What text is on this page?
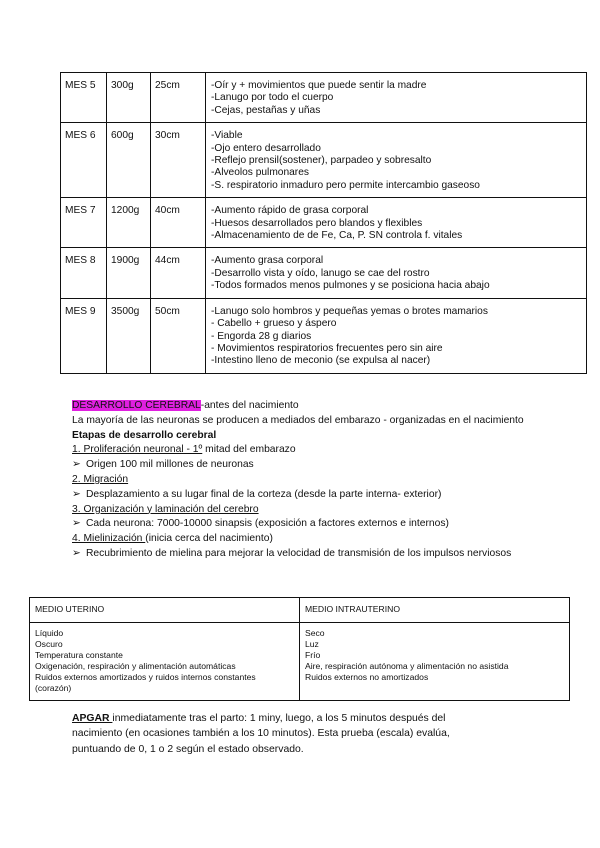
MES 5	300g	25cm	-Oír y + movimientos que puede sentir la madre
-Lanugo por todo el cuerpo
-Cejas, pestañas y uñas

MES 6	600g	30cm	-Viable
-Ojo entero desarrollado
-Reflejo prensil(sostener), parpadeo y sobresalto
-Alveolos pulmonares
-S. respiratorio inmaduro pero permite intercambio gaseoso

MES 7	1200g	40cm	-Aumento rápido de grasa corporal
-Huesos desarrollados pero blandos y flexibles
-Almacenamiento de de Fe, Ca, P. SN controla f. vitales

MES 8	1900g	44cm	-Aumento grasa corporal
-Desarrollo vista y oído, lanugo se cae del rostro
-Todos formados menos pulmones y se posiciona hacia abajo

MES 9	3500g	50cm	-Lanugo solo hombros y pequeñas yemas o brotes mamarios
- Cabello + grueso y áspero
- Engorda 28 g diarios
- Movimientos respiratorios frecuentes pero sin aire
-Intestino lleno de meconio (se expulsa al nacer)

DESARROLLO CEREBRAL-antes del nacimiento

La mayoría de las neuronas se producen a mediados del embarazo - organizadas en el nacimiento

Etapas de desarrollo cerebral

1. Proliferación neuronal - 1º mitad del embarazo

➢ Origen 100 mil millones de neuronas

2. Migración

➢ Desplazamiento a su lugar final de la corteza (desde la parte interna- exterior)

3. Organización y laminación del cerebro

➢ Cada neurona: 7000-10000 sinapsis (exposición a factores externos e internos)

4. Mielinización (inicia cerca del nacimiento)

➢ Recubrimiento de mielina para mejorar la velocidad de transmisión de los impulsos nerviosos

MEDIO UTERINO	MEDIO INTRAUTERINO

Líquido
Oscuro
Temperatura constante
Oxigenación, respiración y alimentación automáticas
Ruidos externos amortizados y ruidos internos constantes (corazón)	Seco
Luz
Frío
Aire, respiración autónoma y alimentación no asistida
Ruidos externos no amortizados
APGAR inmediatamente tras el parto: 1 miny, luego, a los 5 minutos después del nacimiento (en ocasiones también a los 10 minutos). Esta prueba (escala) evalúa, puntuando de 0, 1 o 2 según el estado observado.
